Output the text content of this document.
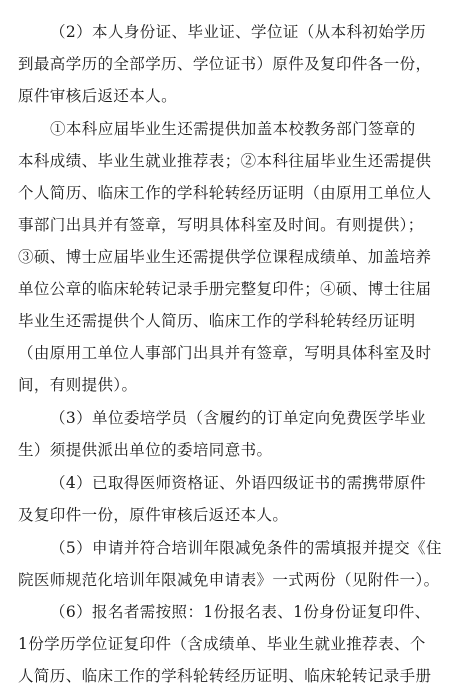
（2）本人身份证、毕业证、学位证（从本科初始学历

到最高学历的全部学历、学位证书）原件及复印件各一份，

原件审核后返还本人。

①本科应届毕业生还需提供加盖本校教务部门签章的

本科成绩、毕业生就业推荐表；②本科往届毕业生还需提供

个人简历、临床工作的学科轮转经历证明（由原用工单位人

事部门出具并有签章，写明具体科室及时间。有则提供）；

③硕、博士应届毕业生还需提供学位课程成绩单、加盖培养

单位公章的临床轮转记录手册完整复印件；④硕、博士往届

毕业生还需提供个人简历、临床工作的学科轮转经历证明

（由原用工单位人事部门出具并有签章，写明具体科室及时

间，有则提供）。

（3）单位委培学员（含履约的订单定向免费医学毕业

生）须提供派出单位的委培同意书。

（4）已取得医师资格证、外语四级证书的需携带原件

及复印件一份，原件审核后返还本人。

（5）申请并符合培训年限减免条件的需填报并提交《住

院医师规范化培训年限减免申请表》一式两份（见附件一）。

（6）报名者需按照：1份报名表、1份身份证复印件、

1份学历学位证复印件（含成绩单、毕业生就业推荐表、个

人简历、临床工作的学科轮转经历证明、临床轮转记录手册
